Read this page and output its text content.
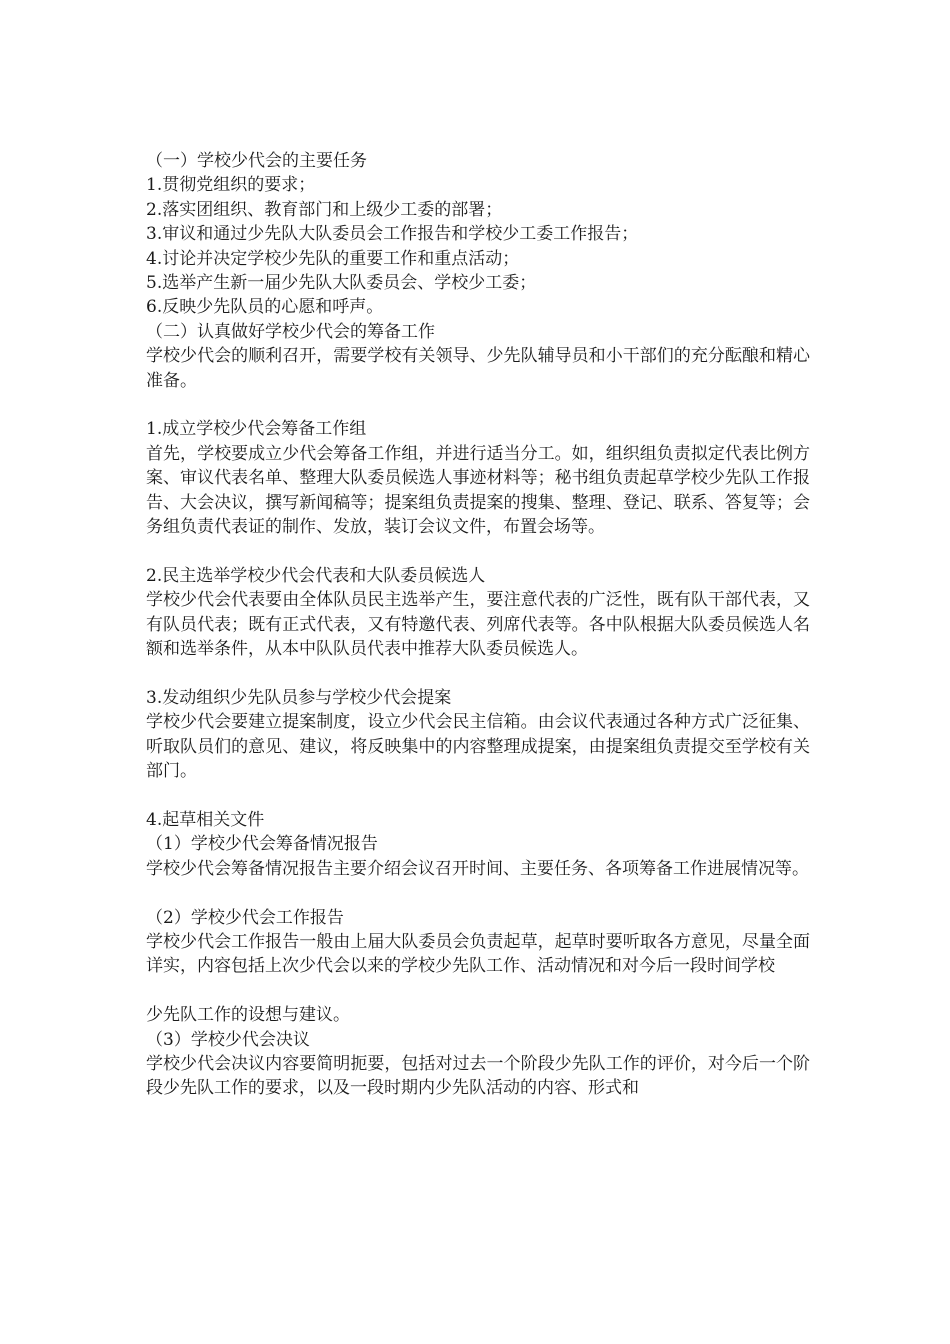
（一）学校少代会的主要任务

1.贯彻党组织的要求；

2.落实团组织、教育部门和上级少工委的部署；

3.审议和通过少先队大队委员会工作报告和学校少工委工作报告；

4.讨论并决定学校少先队的重要工作和重点活动；

5.选举产生新一届少先队大队委员会、学校少工委；

6.反映少先队员的心愿和呼声。

（二）认真做好学校少代会的筹备工作

学校少代会的顺利召开，需要学校有关领导、少先队辅导员和小干部们的充分酝酿和精心准备。

1.成立学校少代会筹备工作组

首先，学校要成立少代会筹备工作组，并进行适当分工。如，组织组负责拟定代表比例方案、审议代表名单、整理大队委员候选人事迹材料等；秘书组负责起草学校少先队工作报告、大会决议，撰写新闻稿等；提案组负责提案的搜集、整理、登记、联系、答复等；会务组负责代表证的制作、发放，装订会议文件，布置会场等。

2.民主选举学校少代会代表和大队委员候选人

学校少代会代表要由全体队员民主选举产生，要注意代表的广泛性，既有队干部代表，又有队员代表；既有正式代表，又有特邀代表、列席代表等。各中队根据大队委员候选人名额和选举条件，从本中队队员代表中推荐大队委员候选人。

3.发动组织少先队员参与学校少代会提案

学校少代会要建立提案制度，设立少代会民主信箱。由会议代表通过各种方式广泛征集、听取队员们的意见、建议，将反映集中的内容整理成提案，由提案组负责提交至学校有关部门。

4.起草相关文件

（1）学校少代会筹备情况报告

学校少代会筹备情况报告主要介绍会议召开时间、主要任务、各项筹备工作进展情况等。

（2）学校少代会工作报告

学校少代会工作报告一般由上届大队委员会负责起草，起草时要听取各方意见，尽量全面详实，内容包括上次少代会以来的学校少先队工作、活动情况和对今后一段时间学校

少先队工作的设想与建议。

（3）学校少代会决议

学校少代会决议内容要简明扼要，包括对过去一个阶段少先队工作的评价，对今后一个阶段少先队工作的要求，以及一段时期内少先队活动的内容、形式和
